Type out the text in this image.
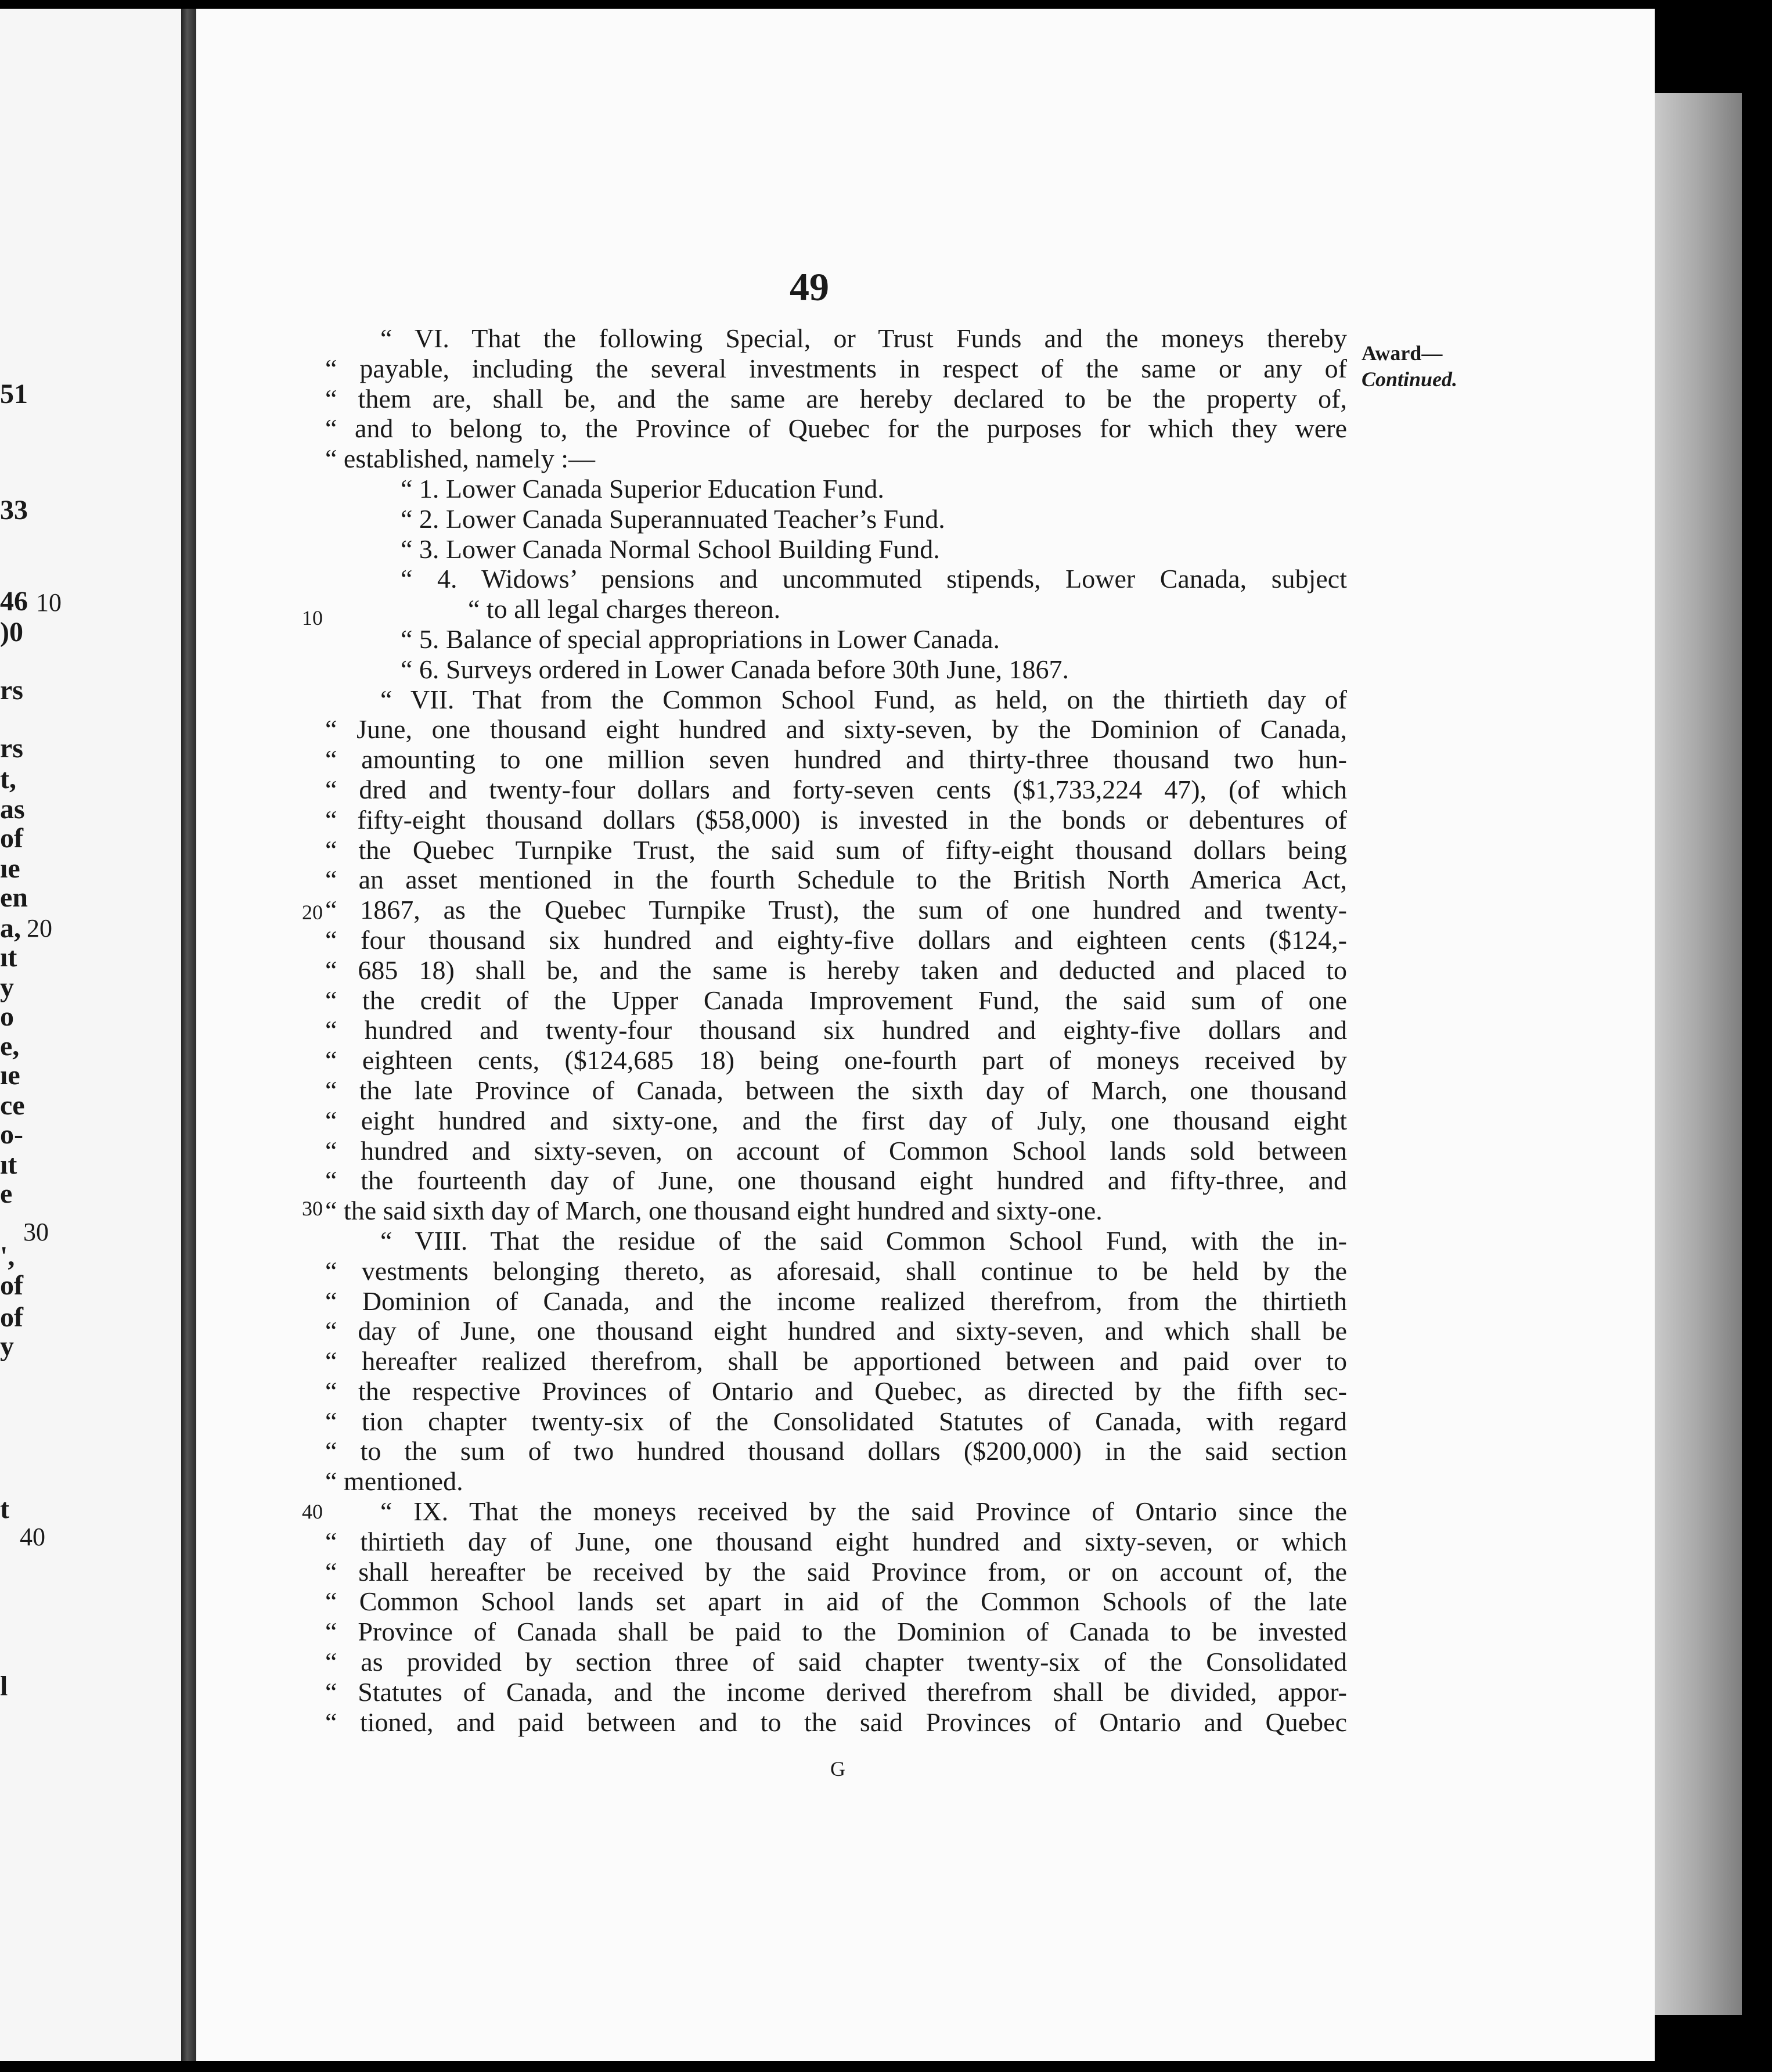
51
33
46 10
)0
rs
rs
t,
as
of
ıe
en
a, 20
ıt
y
o
e,
ıe
ce
o-
ıt
e
30
',
of
of
y
t
40
l
49
Award—
Continued.
10
20
30
40
“ VI. That the following Special, or Trust Funds and the moneys thereby
“ payable, including the several investments in respect of the same or any of
“ them are, shall be, and the same are hereby declared to be the property of,
“ and to belong to, the Province of Quebec for the purposes for which they were
“ established, namely :—
“ 1. Lower Canada Superior Education Fund.
“ 2. Lower Canada Superannuated Teacher’s Fund.
“ 3. Lower Canada Normal School Building Fund.
“ 4. Widows’ pensions and uncommuted stipends, Lower Canada, subject
“ to all legal charges thereon.
“ 5. Balance of special appropriations in Lower Canada.
“ 6. Surveys ordered in Lower Canada before 30th June, 1867.
“ VII. That from the Common School Fund, as held, on the thirtieth day of
“ June, one thousand eight hundred and sixty-seven, by the Dominion of Canada,
“ amounting to one million seven hundred and thirty-three thousand two hun-
“ dred and twenty-four dollars and forty-seven cents ($1,733,224 47), (of which
“ fifty-eight thousand dollars ($58,000) is invested in the bonds or debentures of
“ the Quebec Turnpike Trust, the said sum of fifty-eight thousand dollars being
“ an asset mentioned in the fourth Schedule to the British North America Act,
“ 1867, as the Quebec Turnpike Trust), the sum of one hundred and twenty-
“ four thousand six hundred and eighty-five dollars and eighteen cents ($124,-
“ 685 18) shall be, and the same is hereby taken and deducted and placed to
“ the credit of the Upper Canada Improvement Fund, the said sum of one
“ hundred and twenty-four thousand six hundred and eighty-five dollars and
“ eighteen cents, ($124,685 18) being one-fourth part of moneys received by
“ the late Province of Canada, between the sixth day of March, one thousand
“ eight hundred and sixty-one, and the first day of July, one thousand eight
“ hundred and sixty-seven, on account of Common School lands sold between
“ the fourteenth day of June, one thousand eight hundred and fifty-three, and
“ the said sixth day of March, one thousand eight hundred and sixty-one.
“ VIII. That the residue of the said Common School Fund, with the in-
“ vestments belonging thereto, as aforesaid, shall continue to be held by the
“ Dominion of Canada, and the income realized therefrom, from the thirtieth
“ day of June, one thousand eight hundred and sixty-seven, and which shall be
“ hereafter realized therefrom, shall be apportioned between and paid over to
“ the respective Provinces of Ontario and Quebec, as directed by the fifth sec-
“ tion chapter twenty-six of the Consolidated Statutes of Canada, with regard
“ to the sum of two hundred thousand dollars ($200,000) in the said section
“ mentioned.
“ IX. That the moneys received by the said Province of Ontario since the
“ thirtieth day of June, one thousand eight hundred and sixty-seven, or which
“ shall hereafter be received by the said Province from, or on account of, the
“ Common School lands set apart in aid of the Common Schools of the late
“ Province of Canada shall be paid to the Dominion of Canada to be invested
“ as provided by section three of said chapter twenty-six of the Consolidated
“ Statutes of Canada, and the income derived therefrom shall be divided, appor-
“ tioned, and paid between and to the said Provinces of Ontario and Quebec
G
